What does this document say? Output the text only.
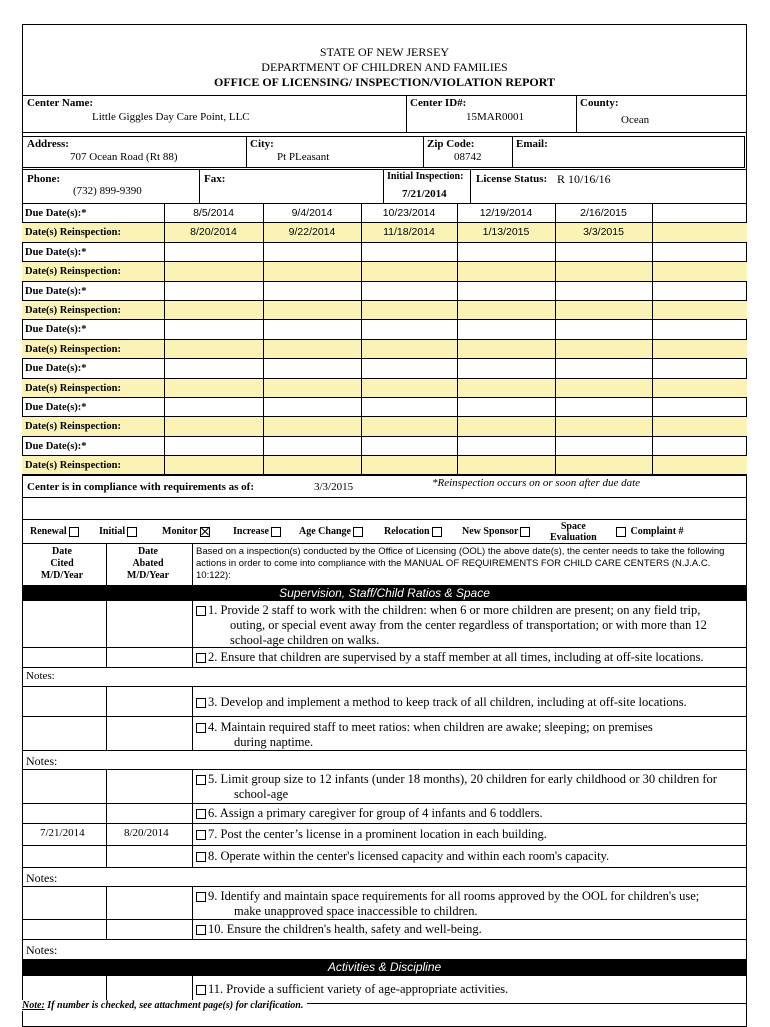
STATE OF NEW JERSEY
DEPARTMENT OF CHILDREN AND FAMILIES
OFFICE OF LICENSING/ INSPECTION/VIOLATION REPORT
Center Name:
Little Giggles Day Care Point, LLC
Center ID#:
15MAR0001
County:
Ocean
Address:
707 Ocean Road (Rt 88)
City:
Pt PLeasant
Zip Code:
08742
Email:
Phone:
(732) 899-9390
Fax:	Initial Inspection:
7/21/2014
License Status: R 10/16/16
Due Date(s):*	8/5/2014	9/4/2014	10/23/2014	12/19/2014	2/16/2015
Date(s) Reinspection:	8/20/2014	9/22/2014	11/18/2014	1/13/2015	3/3/2015
Due Date(s):*
Date(s) Reinspection:
Due Date(s):*
Date(s) Reinspection:
Due Date(s):*
Date(s) Reinspection:
Due Date(s):*
Date(s) Reinspection:
Due Date(s):*
Date(s) Reinspection:
Due Date(s):*
Date(s) Reinspection:
Center is in compliance with requirements as of:	3/3/2015	*Reinspection occurs on or soon after due date
Renewal	Initial	Monitor	Increase	Age Change	Relocation	New Sponsor	Space
Evaluation
Complaint #
Date
Cited
M/D/Year
Date
Abated
M/D/Year
Based on a inspection(s) conducted by the Office of Licensing (OOL) the above date(s), the center needs to take the following actions in order to come into compliance with the MANUAL OF REQUIREMENTS FOR CHILD CARE CENTERS (N.J.A.C. 10:122):
Supervision, Staff/Child Ratios & Space
1. Provide 2 staff to work with the children: when 6 or more children are present; on any field trip,
outing, or special event away from the center regardless of transportation; or with more than 12
school-age children on walks.
2. Ensure that children are supervised by a staff member at all times, including at off-site locations.
Notes:
3. Develop and implement a method to keep track of all children, including at off-site locations.
4. Maintain required staff to meet ratios: when children are awake; sleeping; on premises
during naptime.
Notes:
5. Limit group size to 12 infants (under 18 months), 20 children for early childhood or 30 children for
school-age
6. Assign a primary caregiver for group of 4 infants and 6 toddlers.
7/21/2014	8/20/2014	7. Post the center’s license in a prominent location in each building.
8. Operate within the center's licensed capacity and within each room's capacity.
Notes:
9. Identify and maintain space requirements for all rooms approved by the OOL for children's use;
make unapproved space inaccessible to children.
10. Ensure the children's health, safety and well-being.
Notes:
Activities & Discipline
11. Provide a sufficient variety of age-appropriate activities.
Note: If number is checked, see attachment page(s) for clarification.
